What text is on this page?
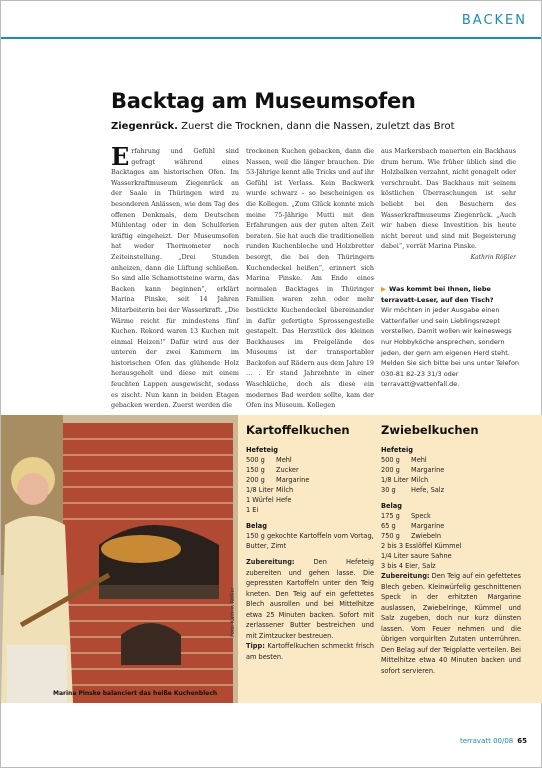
BACKEN
Backtag am Museumsofen
Ziegenrück. Zuerst die Trocknen, dann die Nassen, zuletzt das Brot
Erfahrung und Gefühl sind gefragt während eines Backtages am historischen Ofen. Im Wasserkraftmuseum Ziegenrück an der Saale in Thüringen wird zu besonderen Anlässen, wie dem Tag des offenen Denkmals, dem Deutschen Mühlentag oder in den Schulferien kräftig eingeheizt. Der Museumsofen hat weder Thermometer noch Zeiteinstellung. „Drei Stunden anheizen, dann die Lüftung schließen. So sind alle Schamottsteine warm, das Backen kann beginnen“, erklärt Marina Pinske, seit 14 Jahren Mitarbeiterin bei der Wasserkraft. „Die Wärme reicht für mindestens fünf Kuchen. Rekord waren 13 Kuchen mit einmal Heizen!“ Dafür wird aus der unteren der zwei Kammern im historischen Ofen das glühende Holz herausgeholt und diese mit einem feuchten Lappen ausgewischt, sodass es zischt. Nun kann in beiden Etagen gebacken werden. Zuerst werden die
trockenen Kuchen gebacken, dann die Nassen, weil die länger brauchen. Die 53-Jährige kennt alle Tricks und auf ihr Gefühl ist Verlass. Kein Backwerk wurde schwarz – so bescheinigen es die Kollegen. „Zum Glück konnte mich meine 75-Jährige Mutti mit den Erfahrungen aus der guten alten Zeit beraten. Sie hat auch die traditionellen runden Kuchenbleche und Holzbretter besorgt, die bei den Thüringern Kuchendeckel heißen“, erinnert sich Marina Pinske. Am Ende eines normalen Backtages in Thüringer Familien waren zehn oder mehr bestückte Kuchendeckel übereinander in dafür gefertigte Sprossengestelle gestapelt. Das Herzstück des kleinen Backhauses im Freigelände des Museums ist der transportabler Backofen auf Rädern aus dem Jahre 19 … . Er stand Jahrzehnte in einer Waschküche, doch als diese ein modernes Bad werden sollte, kam der Ofen ins Museum. Kollegen
aus Markersbach mauerten ein Backhaus drum herum. Wie früher üblich sind die Holzbalken verzahnt, nicht genagelt oder verschraubt. Das Backhaus mit seinem köstlichen Überraschungen ist sehr beliebt bei den Besuchern des Wasserkraftmuseums Ziegenrück. „Auch wir haben diese Investition bis heute nicht bereut und sind mit Begeisterung dabei“, verrät Marina Pinske.
Kathrin Rößler
▶ Was kommt bei Ihnen, liebe terravatt-Leser, auf den Tisch?
Wir möchten in jeder Ausgabe einen Vattenfaller und sein Lieblingsrezept vorstellen. Damit wollen wir keineswegs nur Hobbyköche ansprechen, sondern jeden, der gern am eigenen Herd steht. Melden Sie sich bitte bei uns unter Telefon 030-81 82-23 31/3 oder terravatt@vattenfall.de.
Marina Pinske balanciert das heiße Kuchenblech
Foto: Kathrin Rößler
Kartoffelkuchen
Hefeteig
500 g	Mehl
150 g	Zucker
200 g	Margarine
1/8 Liter Milch
1 Würfel Hefe
1 Ei
Belag
150 g gekochte Kartoffeln vom Vortag, Butter, Zimt
Zubereitung: Den Hefeteig zubereiten und gehen lasse. Die gepressten Kartoffeln unter den Teig kneten. Den Teig auf ein gefettetes Blech ausrollen und bei Mittelhitze etwa 25 Minuten backen. Sofort mit zerlassener Butter bestreichen und mit Zimtzucker bestreuen.
Tipp: Kartoffelkuchen schmeckt frisch am besten.
Zwiebelkuchen
Hefeteig
500 g	Mehl
200 g	Margarine
1/8 Liter Milch
30 g	Hefe, Salz
Belag
175 g	Speck
65 g	Margarine
750 g	Zwiebeln
2 bis 3 Esslöffel Kümmel
1/4 Liter saure Sahne
3 bis 4 Eier, Salz
Zubereitung: Den Teig auf ein gefettetes Blech geben. Kleinwürfelig geschnittenen Speck in der erhitzten Margarine auslassen, Zwiebelringe, Kümmel und Salz zugeben, doch nur kurz dünsten lassen. Vom Feuer nehmen und die übrigen vorquirlten Zutaten unterrühren. Den Belag auf der Teigplatte verteilen. Bei Mittelhitze etwa 40 Minuten backen und sofort servieren.
terravatt 00/08 65
